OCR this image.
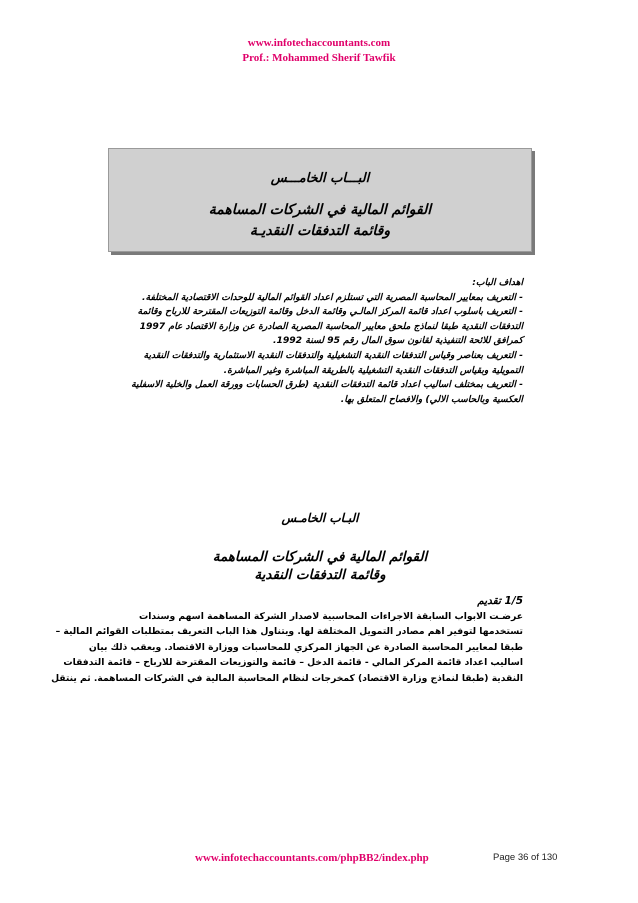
www.infotechaccountants.com
Prof.: Mohammed Sherif Tawfik
البـــاب الخامـــس
القوائم المالية في الشركات المساهمة
وقائمة التدفقات النقديـة

اهداف الباب:

- التعريف بمعايير المحاسبة المصرية التي تستلزم اعداد القوائم المالية للوحدات الاقتصادية المختلفة.

- التعريف باسلوب اعداد قائمة المركز المالـي وقائمة الدخل وقائمة التوزيعات المقترحة للارباح وقائمة

التدفقات النقدية طبقا لنماذج ملحق معايير المحاسبة المصرية الصادرة عن وزارة الاقتصاد عام 1997

كمرافق للائحة التنفيذية لقانون سوق المال رقم 95 لسنة 1992.

- التعريف بعناصر وقياس التدفقات النقدية التشغيلية والتدفقات النقدية الاستثمارية والتدفقات النقدية

التمويلية وبقياس التدفقات النقدية التشغيلية بالطريقة المباشرة وغير المباشرة.

- التعريف بمختلف اساليب اعداد قائمة التدفقات النقدية (طرق الحسابات وورقة العمل والخلية الاسفلية

العكسية وبالحاسب الالي) والافصاح المتعلق بها.

البـاب الخامـس
القوائم المالية في الشركات المساهمة
وقائمة التدفقات النقدية
1/5 تقديم

عرضـت الابواب السابقة الاجراءات المحاسبية لاصدار الشركة المساهمة اسهم وسندات

تستخدمها لتوفير اهم مصادر التمويل المختلفة لها. ويتناول هذا الباب التعريف بمتطلبات القوائم المالية –

طبقا لمعايير المحاسبة الصادرة عن الجهاز المركزي للمحاسبات ووزارة الاقتصاد. ويعقب ذلك بيان

اساليب اعداد قائمة المركز المالي - قائمة الدخل – قائمة والتوزيعات المقترحة للارباح – قائمة التدفقات

النقدية (طبقا لنماذج وزارة الاقتصاد) كمخرجات لنظام المحاسبة المالية في الشركات المساهمة. ثم ينتقل

www.infotechaccountants.com/phpBB2/index.php	Page 36 of 130
